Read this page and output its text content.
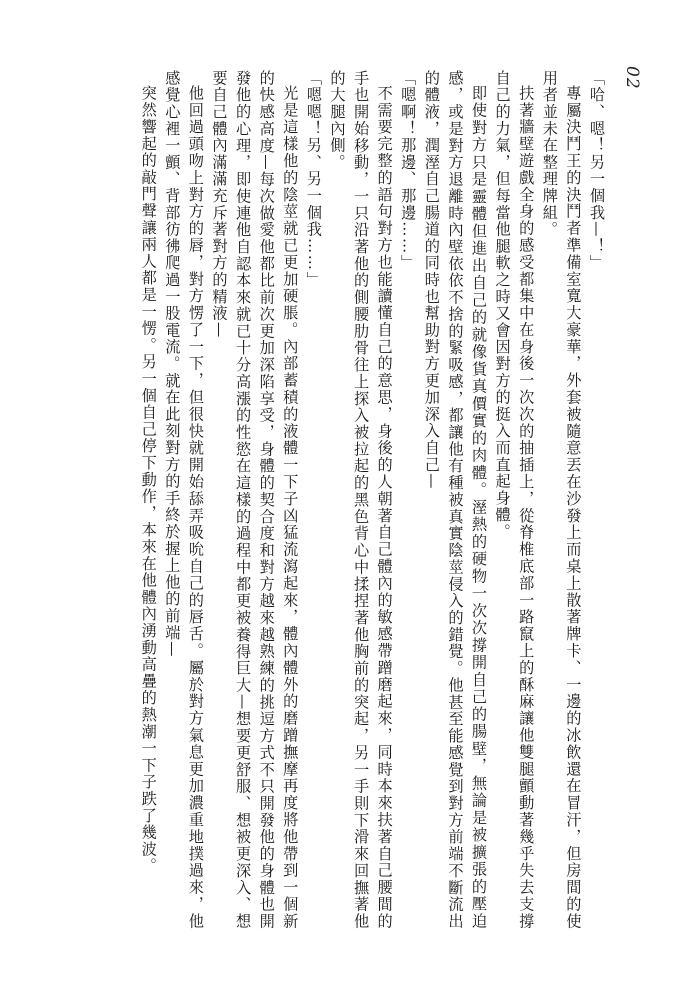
02

「哈、嗯！另一個我—！」

專屬決鬥王的決鬥者準備室寬大豪華，外套被隨意丟在沙發上而桌上散著牌卡、一邊的冰飲還在冒汗，但房間的使用者並未在整理牌組。

扶著牆壁遊戲全身的感受都集中在身後一次次的抽插上，從脊椎底部一路竄上的酥麻讓他雙腿顫動著幾乎失去支撐自己的力氣，但每當他腿軟之時又會因對方的挺入而直起身體。

即使對方只是靈體但進出自己的就像貨真價實的肉體。溼熱的硬物一次次撐開自己的腸壁，無論是被擴張的壓迫感，或是對方退離時內壁依依不捨的緊吸感，都讓他有種被真實陰莖侵入的錯覺。他甚至能感覺到對方前端不斷流出的體液，潤溼自己腸道的同時也幫助對方更加深入自己—

「嗯啊！那邊、那邊……」

不需要完整的語句對方也能讀懂自己的意思，身後的人朝著自己體內的敏感帶蹭磨起來，同時本來扶著自己腰間的手也開始移動，一只沿著他的側腰肋骨往上探入被拉起的黑色背心中揉捏著他胸前的突起，另一手則下滑來回撫著他的大腿內側。

「嗯嗯！另、另一個我……」

光是這樣他的陰莖就已更加硬脹。內部蓄積的液體一下子凶猛流瀉起來，體內體外的磨蹭撫摩再度將他帶到一個新的快感高度—每次做愛他都比前次更加深陷享受，身體的契合度和對方越來越熟練的挑逗方式不只開發他的身體也開發他的心理，即使連他自認本來就已十分高漲的性慾在這樣的過程中都更被養得巨大—想要更舒服、想被更深入、想要自己體內滿滿充斥著對方的精液—

他回過頭吻上對方的唇，對方愣了一下，但很快就開始舔弄吸吮自己的唇舌。屬於對方氣息更加濃重地撲過來，他感覺心裡一顫、背部彷彿爬過一股電流。就在此刻對方的手終於握上他的前端—

突然響起的敲門聲讓兩人都是一愣。另一個自己停下動作，本來在他體內湧動高疊的熱潮一下子跌了幾波。
